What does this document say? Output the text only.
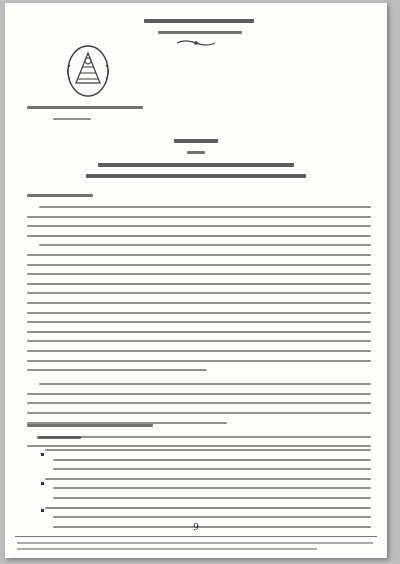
9
